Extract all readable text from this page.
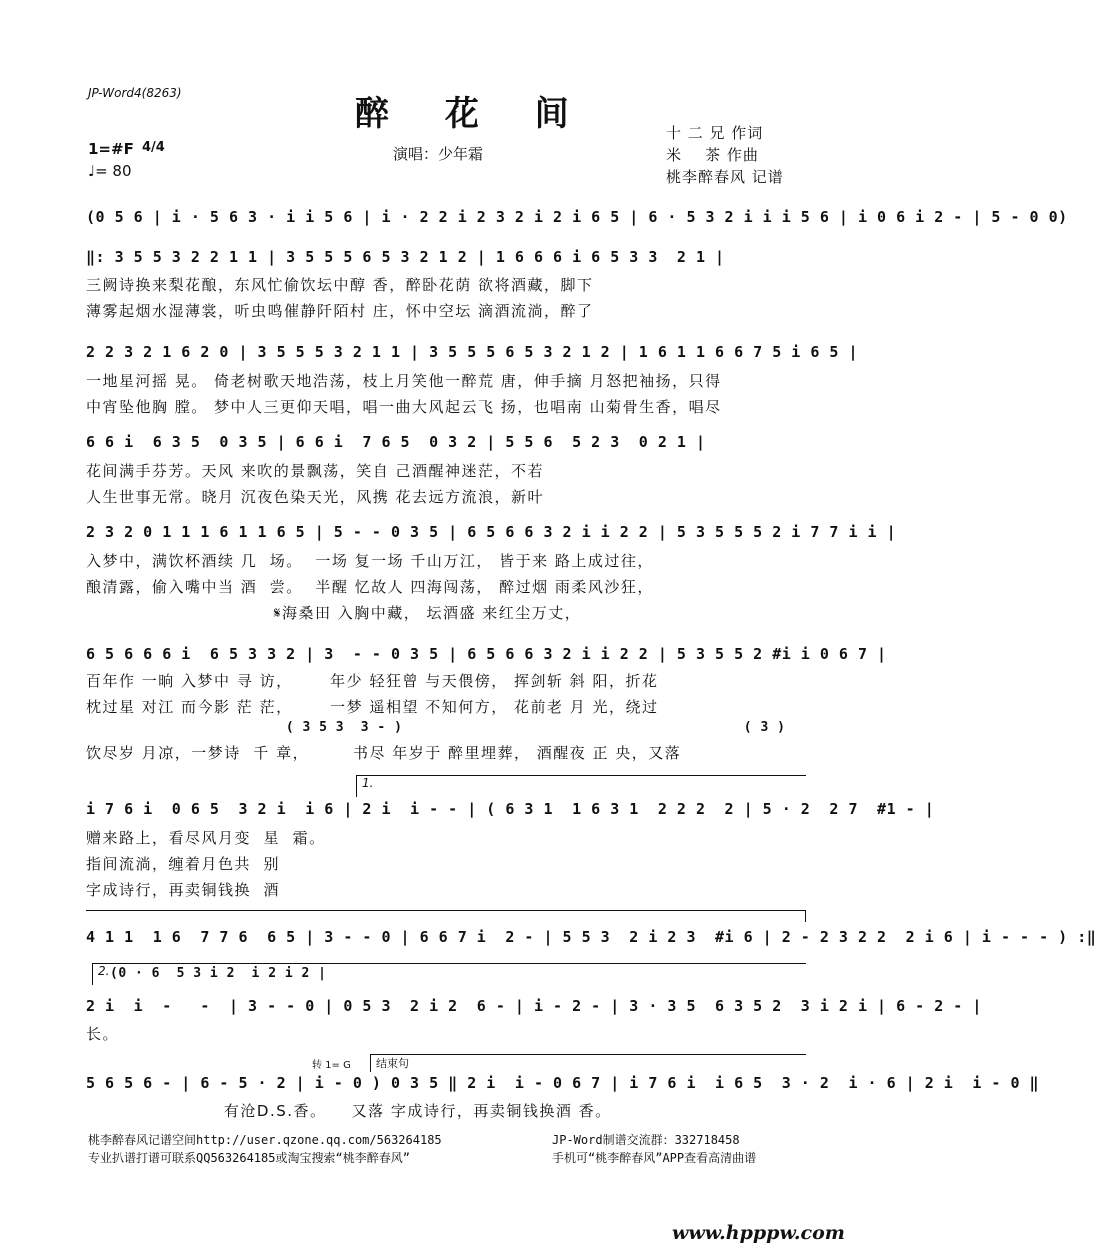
JP-Word4(8263)
醉 花 间
1=#F 4/4
♩= 80
演唱：少年霜
十 二 兄 作词
米    茶 作曲
桃李醉春风 记谱
(0 5 6 | i · 5 6 3 · i i 5 6 | i · 2 2 i 2 3 2 i 2 i 6 5 | 6 · 5 3 2 i i i 5 6 | i 0 6 i 2 - | 5 - 0 0)
‖: 3 5 5 3 2 2 1 1 | 3 5 5 5 6 5 3 2 1 2 | 1 6 6 6 i 6 5 3 3  2 1 |
三阙诗换来梨花酿，东风忙偷饮坛中醇 香，醉卧花荫 欲将酒藏，脚下
薄雾起烟水湿薄裳，听虫鸣催静阡陌村 庄，怀中空坛 滴酒流淌，醉了
2 2 3 2 1 6 2 0 | 3 5 5 5 3 2 1 1 | 3 5 5 5 6 5 3 2 1 2 | 1 6 1 1 6 6 7 5 i 6 5 |
一地星河摇 晃。 倚老树歌天地浩荡，枝上月笑他一醉荒 唐，伸手摘 月怒把袖扬，只得
中宵坠他胸 膛。 梦中人三更仰天唱，唱一曲大风起云飞 扬，也唱南 山菊骨生香，唱尽
6 6 i  6 3 5  0 3 5 | 6 6 i  7 6 5  0 3 2 | 5 5 6  5 2 3  0 2 1 |
花间满手芬芳。天风 来吹的景飘荡，笑自 己酒醒神迷茫，不若
人生世事无常。晓月 沉夜色染天光，风携 花去远方流浪，新叶
2 3 2 0 1 1 1 6 1 1 6 5 | 5 - - 0 3 5 | 6 5 6 6 3 2 i i 2 2 | 5 3 5 5 5 2 i 7 7 i i |
入梦中，满饮杯酒续 几  场。  一场 复一场 千山万江， 皆于来 路上成过往，
酿清露，偷入嘴中当 酒  尝。  半醒 忆故人 四海闯荡， 醉过烟 雨柔风沙狂，
𝄋海桑田 入胸中藏， 坛酒盛 来红尘万丈，
6 5 6 6 6 i  6 5 3 3 2 | 3  - - 0 3 5 | 6 5 6 6 3 2 i i 2 2 | 5 3 5 5 2 #i i 0 6 7 |
百年作 一晌 入梦中 寻 访，      年少 轻狂曾 与天偎傍， 挥剑斩 斜 阳，折花
枕过星 对江 而今影 茫 茫，      一梦 遥相望 不知何方， 花前老 月 光，绕过
( 3 5 3  3 - )                                         ( 3 )
饮尽岁 月凉，一梦诗  千 章，       书尽 年岁于 醉里埋葬， 酒醒夜 正 央，又落
1.
i 7 6 i  0 6 5  3 2 i  i 6 | 2 i  i - - | ( 6 3 1  1 6 3 1  2 2 2  2 | 5 · 2  2 7  #1 - |
赠来路上，看尽风月变  星  霜。
指间流淌，缠着月色共  别
字成诗行，再卖铜钱换  酒
4 1 1  1 6  7 7 6  6 5 | 3 - - 0 | 6 6 7 i  2 - | 5 5 3  2 i 2 3  #i 6 | 2 - 2 3 2 2  2 i 6 | i - - - ) :‖
2. (0 · 6  5 3 i 2  i 2 i 2 |
2 i  i  -   -  | 3 - - 0 | 0 5 3  2 i 2  6 - | i - 2 - | 3 · 3 5  6 3 5 2  3 i 2 i | 6 - 2 - |
长。
转 1= G 结束句
5 6 5 6 - | 6 - 5 · 2 | i - 0 ) 0 3 5 ‖ 2 i  i - 0 6 7 | i 7 6 i  i 6 5  3 · 2  i · 6 | 2 i  i - 0 ‖
有沧D.S.香。    又落 字成诗行，再卖铜钱换酒 香。
桃李醉春风记谱空间http://user.qzone.qq.com/563264185
专业扒谱打谱可联系QQ563264185或淘宝搜索“桃李醉春风”
JP-Word制谱交流群：332718458
手机可“桃李醉春风”APP查看高清曲谱
www.hpppw.com
